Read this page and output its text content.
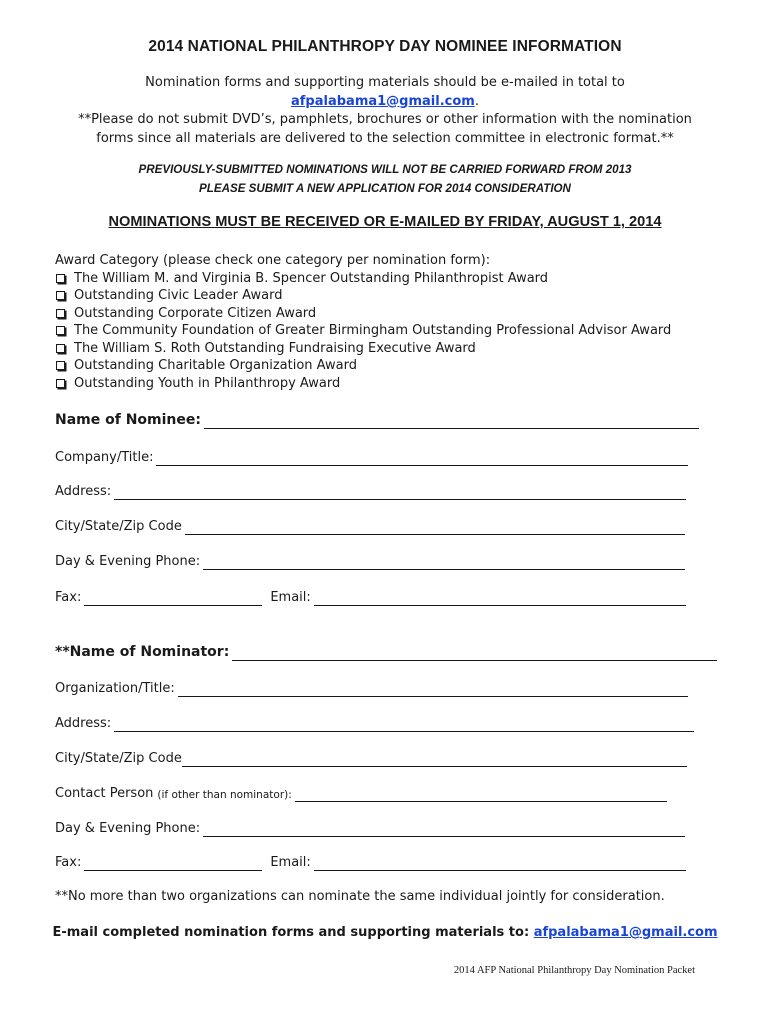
2014 NATIONAL PHILANTHROPY DAY NOMINEE INFORMATION
Nomination forms and supporting materials should be e-mailed in total to
afpalabama1@gmail.com.
**Please do not submit DVD’s, pamphlets, brochures or other information with the nomination
forms since all materials are delivered to the selection committee in electronic format.**
PREVIOUSLY-SUBMITTED NOMINATIONS WILL NOT BE CARRIED FORWARD FROM 2013
PLEASE SUBMIT A NEW APPLICATION FOR 2014 CONSIDERATION
NOMINATIONS MUST BE RECEIVED OR E-MAILED BY FRIDAY, AUGUST 1, 2014
Award Category (please check one category per nomination form):
The William M. and Virginia B. Spencer Outstanding Philanthropist Award
Outstanding Civic Leader Award
Outstanding Corporate Citizen Award
The Community Foundation of Greater Birmingham Outstanding Professional Advisor Award
The William S. Roth Outstanding Fundraising Executive Award
Outstanding Charitable Organization Award
Outstanding Youth in Philanthropy Award
Name of Nominee:
Company/Title:
Address:
City/State/Zip Code
Day & Evening Phone:
Fax:	Email:
**Name of Nominator:
Organization/Title:
Address:
City/State/Zip Code
Contact Person (if other than nominator):
Day & Evening Phone:
Fax:	Email:
**No more than two organizations can nominate the same individual jointly for consideration.
E-mail completed nomination forms and supporting materials to: afpalabama1@gmail.com
2014 AFP National Philanthropy Day Nomination Packet
